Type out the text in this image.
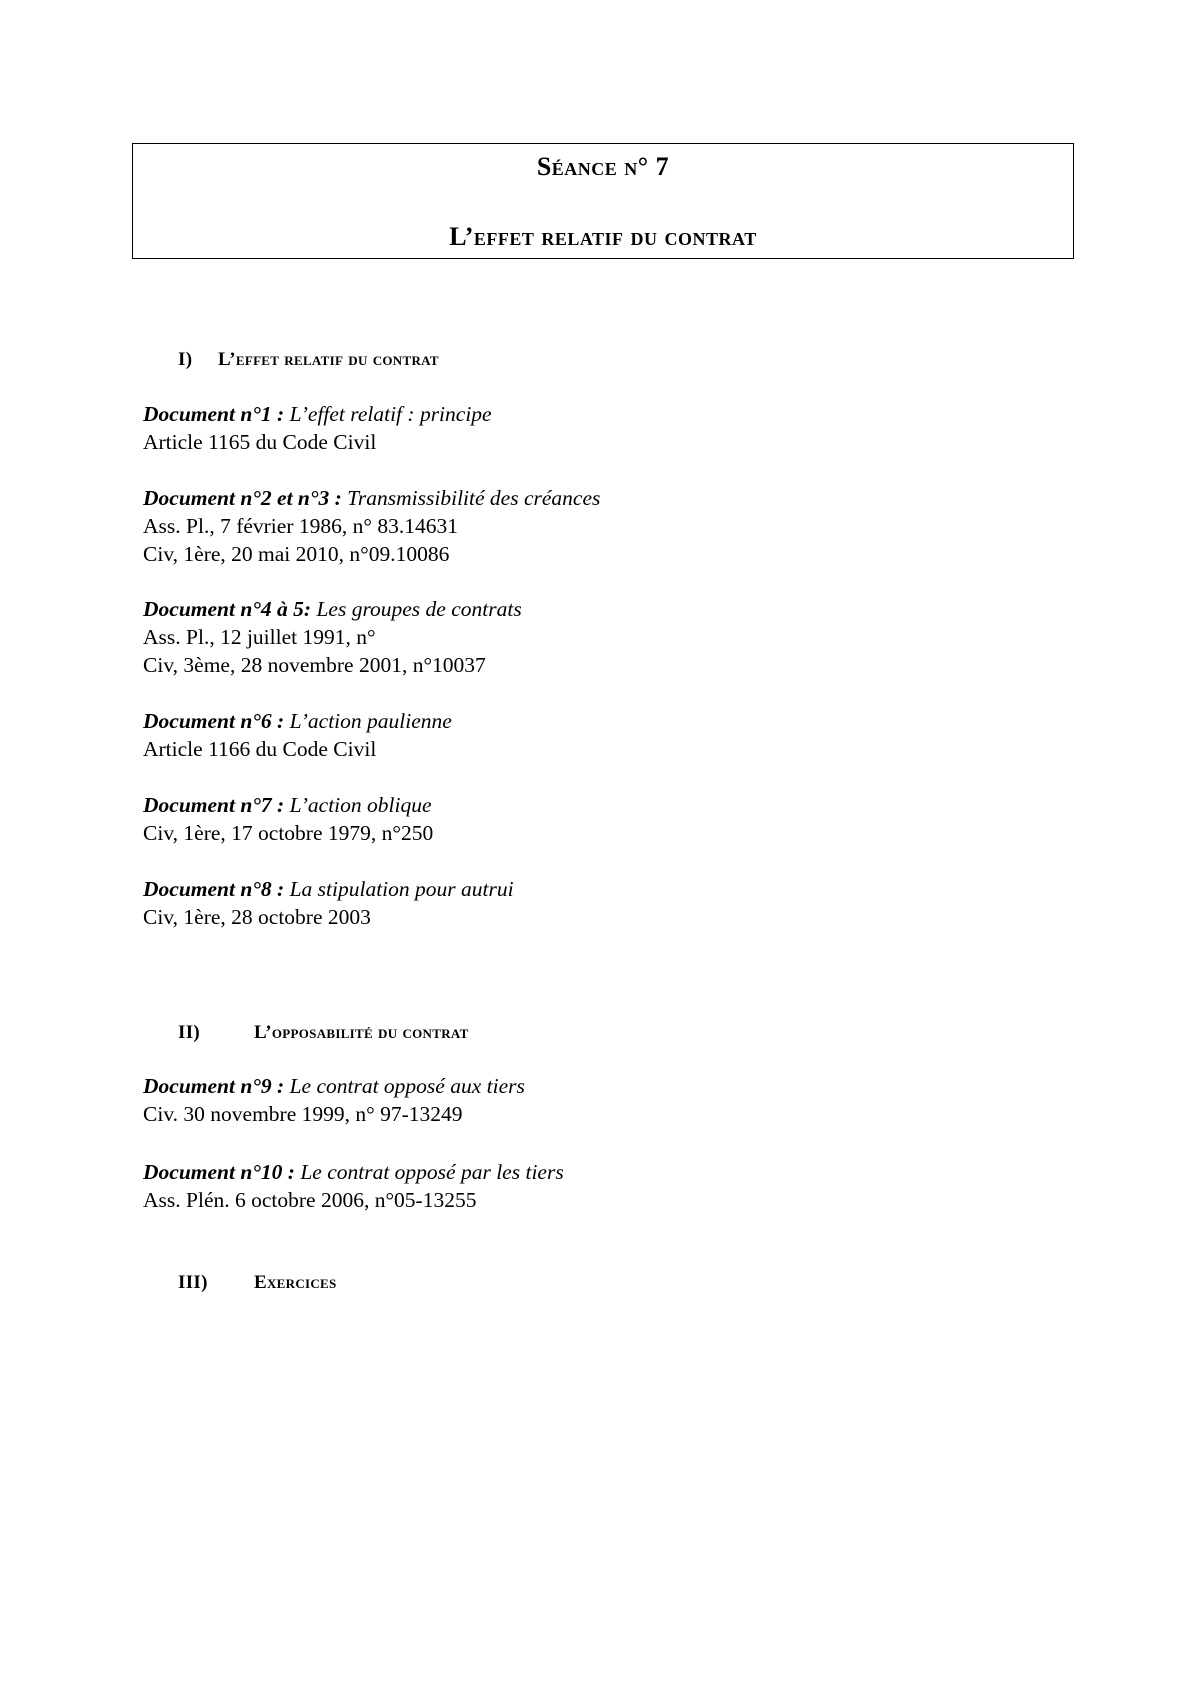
Séance n° 7
L’effet relatif du contrat
I) L’effet relatif du contrat
Document n°1 : L’effet relatif : principe
Article 1165 du Code Civil
Document n°2 et n°3 : Transmissibilité des créances
Ass. Pl., 7 février 1986, n° 83.14631
Civ, 1ère, 20 mai 2010, n°09.10086
Document n°4 à 5: Les groupes de contrats
Ass. Pl., 12 juillet 1991, n°
Civ, 3ème, 28 novembre 2001, n°10037
Document n°6 : L’action paulienne
Article 1166 du Code Civil
Document n°7 : L’action oblique
Civ, 1ère, 17 octobre 1979, n°250
Document n°8 : La stipulation pour autrui
Civ, 1ère, 28 octobre 2003
II)	L’opposabilité du contrat
Document n°9 : Le contrat opposé aux tiers
Civ. 30 novembre 1999, n° 97-13249
Document n°10 : Le contrat opposé par les tiers
Ass. Plén. 6 octobre 2006, n°05-13255
III) Exercices
